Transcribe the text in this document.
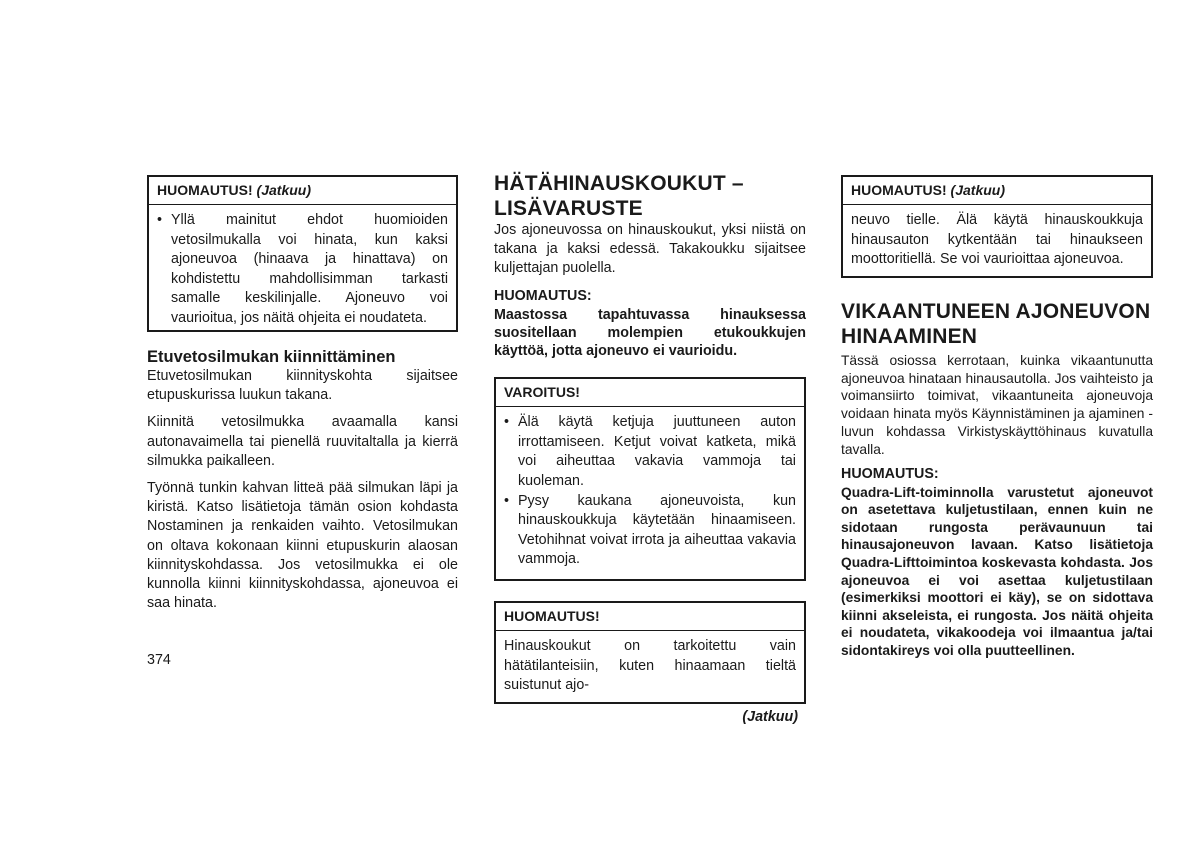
HUOMAUTUS! (Jatkuu)
• Yllä mainitut ehdot huomioiden vetosilmukalla voi hinata, kun kaksi ajoneuvoa (hinaava ja hinattava) on kohdistettu mahdollisimman tarkasti samalle keskilinjalle. Ajoneuvo voi vaurioitua, jos näitä ohjeita ei noudateta.
Etuvetosilmukan kiinnittäminen

Etuvetosilmukan kiinnityskohta sijaitsee etupuskurissa luukun takana.

Kiinnitä vetosilmukka avaamalla kansi autonavaimella tai pienellä ruuvitaltalla ja kierrä silmukka paikalleen.

Työnnä tunkin kahvan litteä pää silmukan läpi ja kiristä. Katso lisätietoja tämän osion kohdasta Nostaminen ja renkaiden vaihto. Vetosilmukan on oltava kokonaan kiinni etupuskurin alaosan kiinnityskohdassa. Jos vetosilmukka ei ole kunnolla kiinni kiinnityskohdassa, ajoneuvoa ei saa hinata.

HÄTÄHINAUSKOUKUT – LISÄVARUSTE

Jos ajoneuvossa on hinauskoukut, yksi niistä on takana ja kaksi edessä. Takakoukku sijaitsee kuljettajan puolella.

HUOMAUTUS:
Maastossa tapahtuvassa hinauksessa suositellaan molempien etukoukkujen käyttöä, jotta ajoneuvo ei vaurioidu.
VAROITUS!
• Älä käytä ketjuja juuttuneen auton irrottamiseen. Ketjut voivat katketa, mikä voi aiheuttaa vakavia vammoja tai kuoleman.
• Pysy kaukana ajoneuvoista, kun hinauskoukkuja käytetään hinaamiseen. Vetohihnat voivat irrota ja aiheuttaa vakavia vammoja.
HUOMAUTUS!
Hinauskoukut on tarkoitettu vain hätätilanteisiin, kuten hinaamaan tieltä suistunut ajo-
(Jatkuu)
HUOMAUTUS! (Jatkuu)
neuvo tielle. Älä käytä hinauskoukkuja hinausauton kytkentään tai hinaukseen moottoritiellä. Se voi vaurioittaa ajoneuvoa.
VIKAANTUNEEN AJONEUVON HINAAMINEN
Tässä osiossa kerrotaan, kuinka vikaantunutta ajoneuvoa hinataan hinausautolla. Jos vaihteisto ja voimansiirto toimivat, vikaantuneita ajoneuvoja voidaan hinata myös Käynnistäminen ja ajaminen -luvun kohdassa Virkistyskäyttöhinaus kuvatulla tavalla.
HUOMAUTUS:
Quadra-Lift-toiminnolla varustetut ajoneuvot on asetettava kuljetustilaan, ennen kuin ne sidotaan rungosta perävaunuun tai hinausajoneuvon lavaan. Katso lisätietoja Quadra-Lifttoimintoa koskevasta kohdasta. Jos ajoneuvoa ei voi asettaa kuljetustilaan (esimerkiksi moottori ei käy), se on sidottava kiinni akseleista, ei rungosta. Jos näitä ohjeita ei noudateta, vikakoodeja voi ilmaantua ja/tai sidontakireys voi olla puutteellinen.
374
